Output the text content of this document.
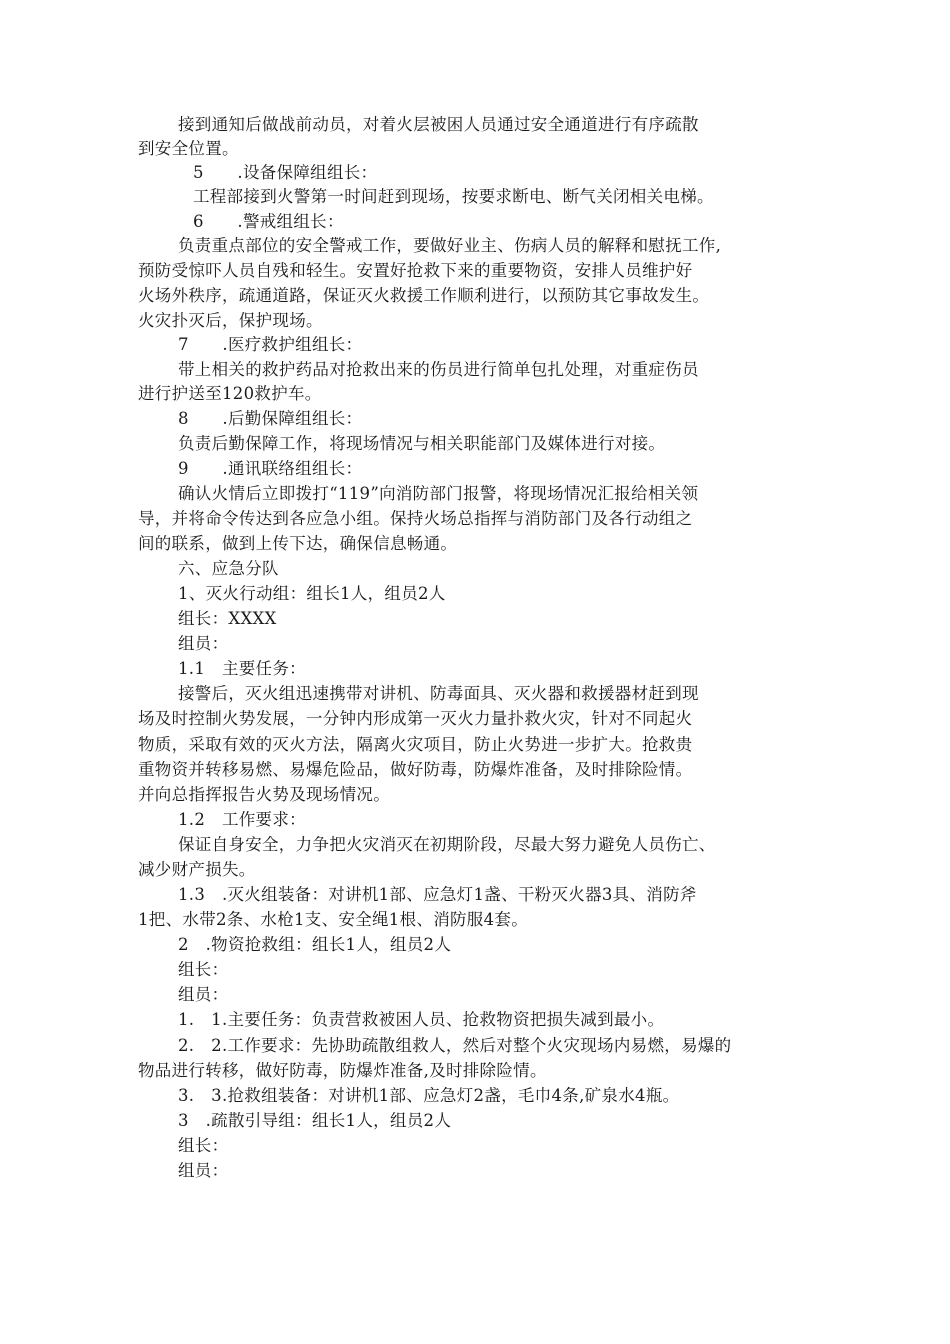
接到通知后做战前动员，对着火层被困人员通过安全通道进行有序疏散
到安全位置。
5　　.设备保障组组长：
工程部接到火警第一时间赶到现场，按要求断电、断气关闭相关电梯。
6　　.警戒组组长：
负责重点部位的安全警戒工作，要做好业主、伤病人员的解释和慰抚工作,
预防受惊吓人员自残和轻生。安置好抢救下来的重要物资，安排人员维护好
火场外秩序，疏通道路，保证灭火救援工作顺利进行，以预防其它事故发生。
火灾扑灭后，保护现场。
7　　.医疗救护组组长：
带上相关的救护药品对抢救出来的伤员进行简单包扎处理，对重症伤员
进行护送至120救护车。
8　　.后勤保障组组长：
负责后勤保障工作，将现场情况与相关职能部门及媒体进行对接。
9　　.通讯联络组组长：
确认火情后立即拨打“119”向消防部门报警，将现场情况汇报给相关领
导，并将命令传达到各应急小组。保持火场总指挥与消防部门及各行动组之
间的联系，做到上传下达，确保信息畅通。
六、应急分队
1、灭火行动组：组长1人，组员2人
组长：XXXX
组员：
1.1　主要任务：
接警后，灭火组迅速携带对讲机、防毒面具、灭火器和救援器材赶到现
场及时控制火势发展，一分钟内形成第一灭火力量扑救火灾，针对不同起火
物质，采取有效的灭火方法，隔离火灾项目，防止火势进一步扩大。抢救贵
重物资并转移易燃、易爆危险品，做好防毒，防爆炸准备，及时排除险情。
并向总指挥报告火势及现场情况。
1.2　工作要求：
保证自身安全，力争把火灾消灭在初期阶段，尽最大努力避免人员伤亡、
减少财产损失。
1.3　.灭火组装备：对讲机1部、应急灯1盏、干粉灭火器3具、消防斧
1把、水带2条、水枪1支、安全绳1根、消防服4套。
2　.物资抢救组：组长1人，组员2人
组长：
组员：
1.　1.主要任务：负责营救被困人员、抢救物资把损失减到最小。
2.　2.工作要求：先协助疏散组救人，然后对整个火灾现场内易燃，易爆的
物品进行转移，做好防毒，防爆炸准备,及时排除险情。
3.　3.抢救组装备：对讲机1部、应急灯2盏，毛巾4条,矿泉水4瓶。
3　.疏散引导组：组长1人，组员2人
组长：
组员：
